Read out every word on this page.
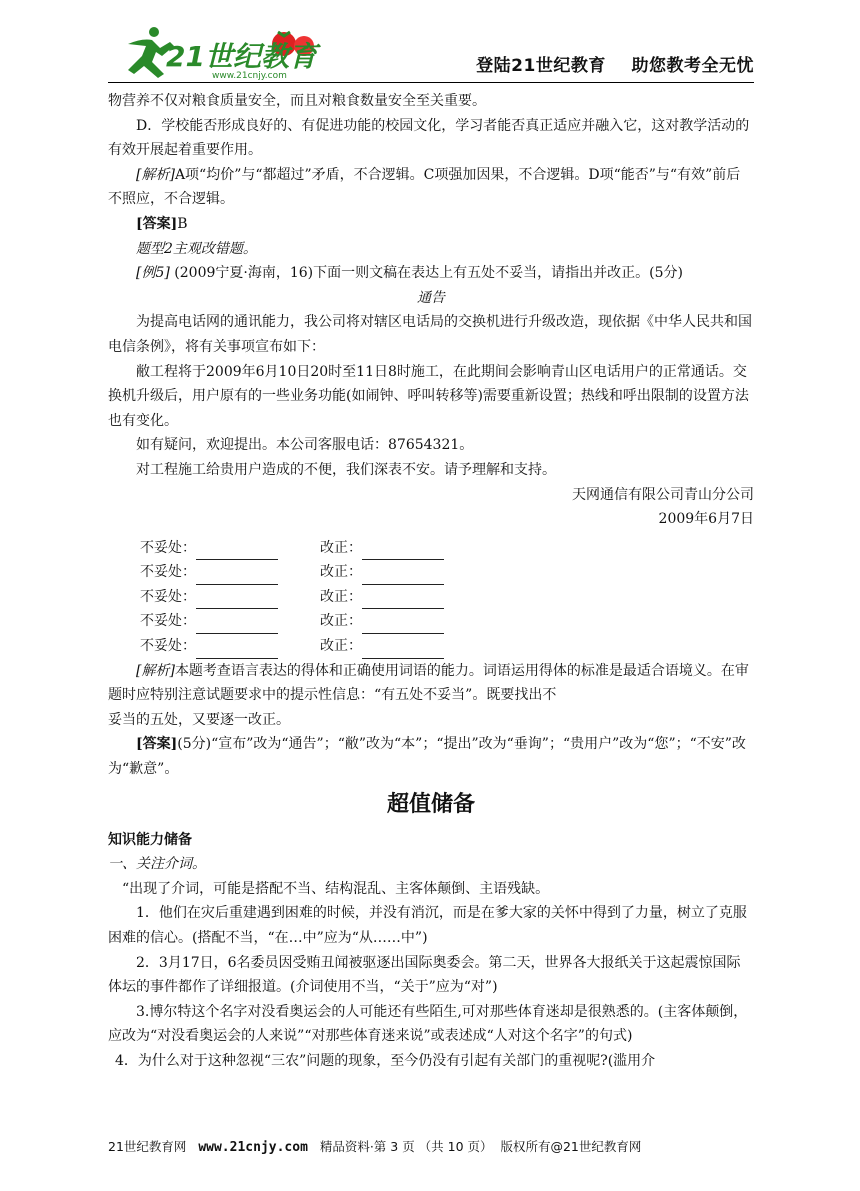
21世纪教育
www.21cnjy.com	登陆21世纪教育    助您教考全无忧

物营养不仅对粮食质量安全，而且对粮食数量安全至关重要。

D．学校能否形成良好的、有促进功能的校园文化，学习者能否真正适应并融入它，这对教学活动的有效开展起着重要作用。

[解析]A项“均价”与“都超过”矛盾，不合逻辑。C项强加因果，不合逻辑。D项“能否”与“有效”前后不照应，不合逻辑。

[答案]B

题型2主观改错题。

[例5] (2009宁夏·海南，16)下面一则文稿在表达上有五处不妥当，请指出并改正。(5分)

通告

为提高电话网的通讯能力，我公司将对辖区电话局的交换机进行升级改造，现依据《中华人民共和国电信条例》，将有关事项宣布如下：

敝工程将于2009年6月10日20时至11日8时施工，在此期间会影响青山区电话用户的正常通话。交换机升级后，用户原有的一些业务功能(如闹钟、呼叫转移等)需要重新设置；热线和呼出限制的设置方法也有变化。

如有疑问，欢迎提出。本公司客服电话：87654321。

对工程施工给贵用户造成的不便，我们深表不安。请予理解和支持。

天网通信有限公司青山分公司

2009年6月7日

不妥处：	改正：
不妥处：	改正：
不妥处：	改正：
不妥处：	改正：
不妥处：	改正：

[解析]本题考查语言表达的得体和正确使用词语的能力。词语运用得体的标准是最适合语境义。在审题时应特别注意试题要求中的提示性信息：“有五处不妥当”。既要找出不

妥当的五处，又要逐一改正。

[答案](5分)“宣布”改为“通告”；“敝”改为“本”；“提出”改为“垂询”；“贵用户”改为“您”；“不安”改为“歉意”。

超值储备

知识能力储备

一、关注介词。

“出现了介词，可能是搭配不当、结构混乱、主客体颠倒、主语残缺。

1．他们在灾后重建遇到困难的时候，并没有消沉，而是在爹大家的关怀中得到了力量，树立了克服困难的信心。(搭配不当，“在…中”应为“从……中”)

2．3月17日，6名委员因受贿丑闻被驱逐出国际奥委会。第二天，世界各大报纸关于这起震惊国际体坛的事件都作了详细报道。(介词使用不当，“关于”应为“对”)

3.博尔特这个名字对没看奥运会的人可能还有些陌生,可对那些体育迷却是很熟悉的。(主客体颠倒，应改为“对没看奥运会的人来说”“对那些体育迷来说”或表述成“人对这个名字”的句式)

4．为什么对于这种忽视“三农”问题的现象，至今仍没有引起有关部门的重视呢?(滥用介

21世纪教育网 www.21cnjy.com 精品资料·第 3 页 （共 10 页） 版权所有@21世纪教育网
